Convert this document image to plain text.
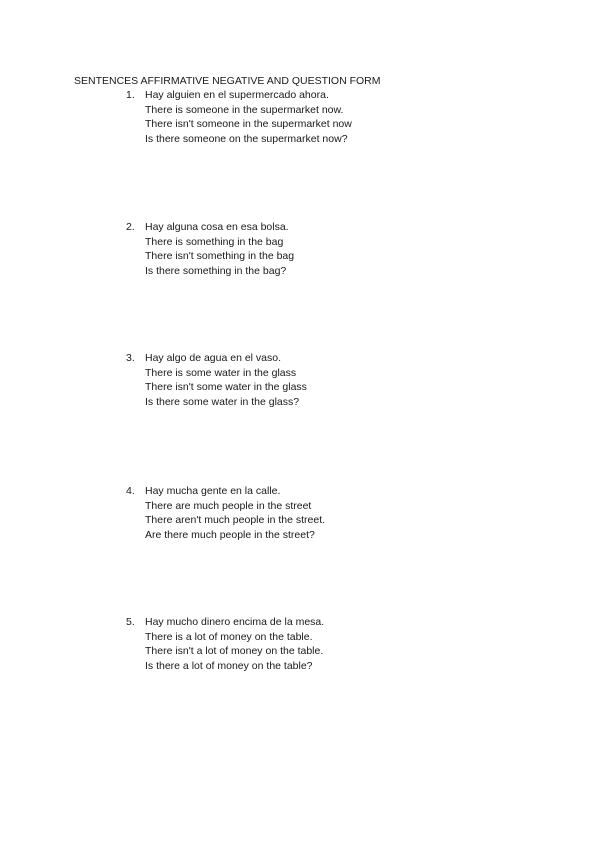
SENTENCES AFFIRMATIVE NEGATIVE AND QUESTION FORM
1. Hay alguien en el supermercado ahora.
There is someone in the supermarket now.
There isn't someone in the supermarket now
Is there someone on the supermarket now?
2. Hay alguna cosa en esa bolsa.
There is something in the bag
There isn't something in the bag
Is there something in the bag?
3. Hay algo de agua en el vaso.
There is some water in the glass
There isn't some water in the glass
Is there some water in the glass?
4. Hay mucha gente en la calle.
There are much people in the street
There aren't much people in the street.
Are there much people in the street?
5. Hay mucho dinero encima de la mesa.
There is a lot of money on the table.
There isn't a lot of money on the table.
Is there a lot of money on the table?
